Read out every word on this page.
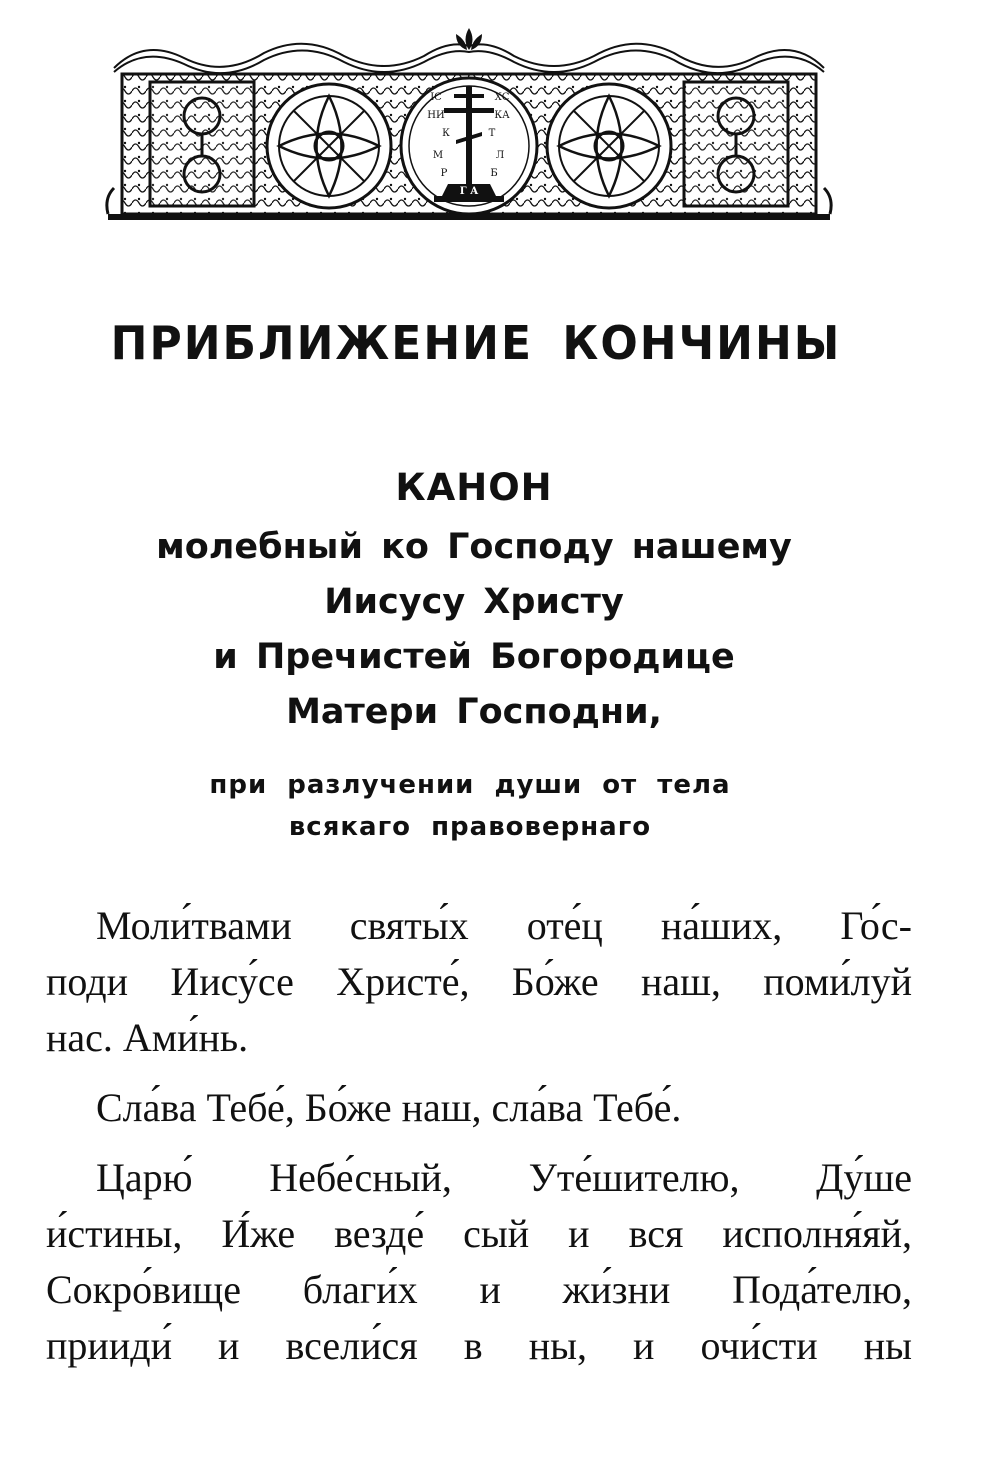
IС	ХС
НИ	КА
К	Т
М	Л
Р	Б
Г А
ПРИБЛИЖЕНИЕ КОНЧИНЫ
КАНОН
молебный ко Господу нашему
Иисусу Христу
и Пречистей Богородице
Матери Господни,
при разлучении души от тела
всякаго правовернаго
Моли́твами святы́х оте́ц на́ших, Го́с-
поди Иису́се Христе́, Бо́же наш, поми́луй
нас. Ами́нь.
Сла́ва Тебе́, Бо́же наш, сла́ва Тебе́.
Царю́ Небе́сный, Уте́шителю, Ду́ше
и́стины, И́же везде́ сый и вся исполня́яй,
Сокро́вище благи́х и жи́зни Пода́телю,
прииди́ и всели́ся в ны, и очи́сти ны
